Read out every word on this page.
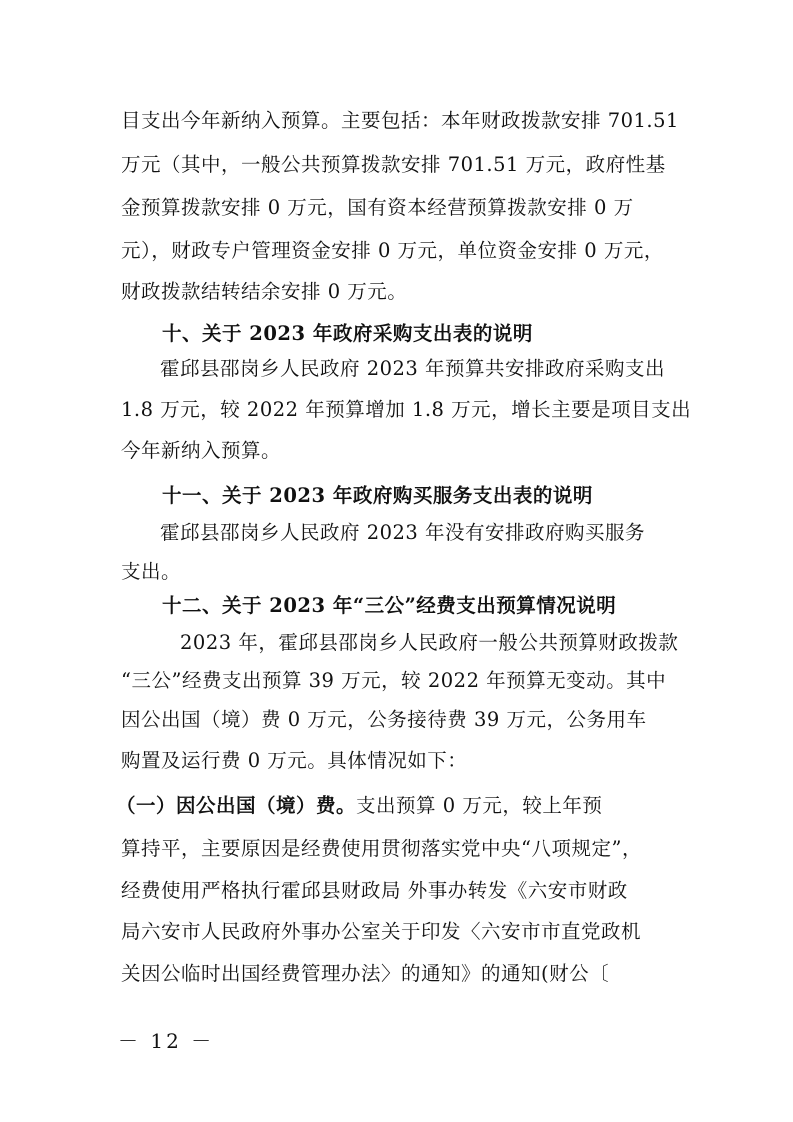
目支出今年新纳入预算。主要包括：本年财政拨款安排 701.51
万元（其中，一般公共预算拨款安排 701.51 万元，政府性基
金预算拨款安排 0 万元，国有资本经营预算拨款安排 0 万
元），财政专户管理资金安排 0 万元，单位资金安排 0 万元，
财政拨款结转结余安排 0 万元。
十、关于 2023 年政府采购支出表的说明
霍邱县邵岗乡人民政府 2023 年预算共安排政府采购支出
1.8 万元，较 2022 年预算增加 1.8 万元，增长主要是项目支出
今年新纳入预算。
十一、关于 2023 年政府购买服务支出表的说明
霍邱县邵岗乡人民政府 2023 年没有安排政府购买服务
支出。
十二、关于 2023 年“三公”经费支出预算情况说明
2023 年，霍邱县邵岗乡人民政府一般公共预算财政拨款
“三公”经费支出预算 39 万元，较 2022 年预算无变动。其中
因公出国（境）费 0 万元，公务接待费 39 万元，公务用车
购置及运行费 0 万元。具体情况如下：
（一）因公出国（境）费。支出预算 0 万元，较上年预
算持平，主要原因是经费使用贯彻落实党中央“八项规定”，
经费使用严格执行霍邱县财政局 外事办转发《六安市财政
局六安市人民政府外事办公室关于印发〈六安市市直党政机
关因公临时出国经费管理办法〉的通知》的通知(财公〔
－ 12 －
